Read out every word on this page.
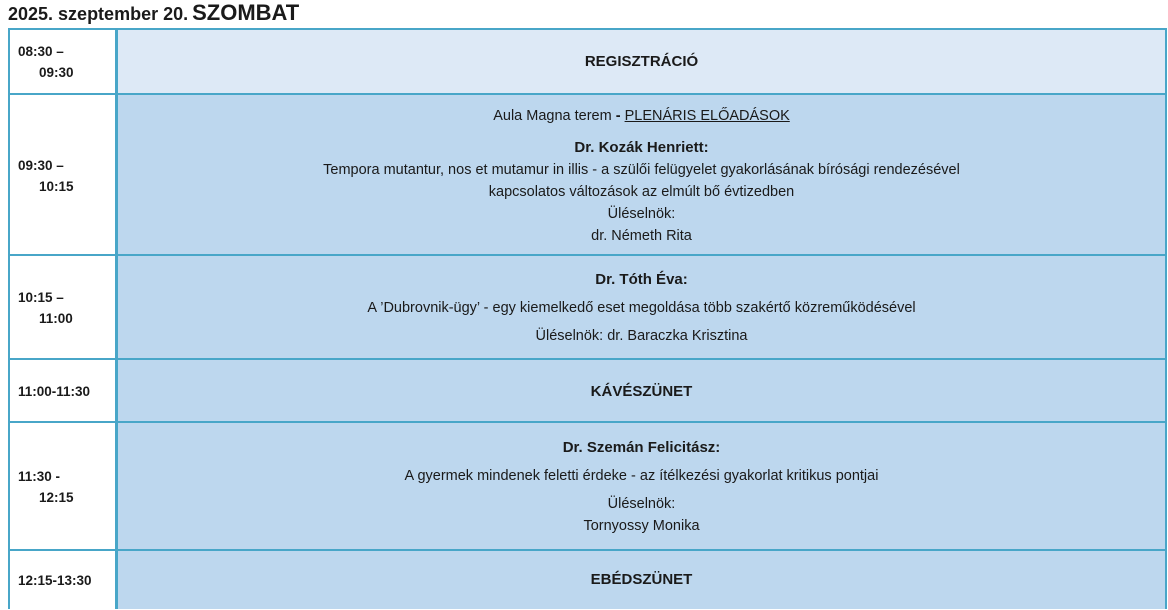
2025. szeptember 20. SZOMBAT
08:30 –
09:30
REGISZTRÁCIÓ
09:30 –
10:15
Aula Magna terem - PLENÁRIS ELŐADÁSOK
Dr. Kozák Henriett:
Tempora mutantur, nos et mutamur in illis - a szülői felügyelet gyakorlásának bírósági rendezésével
kapcsolatos változások az elmúlt bő évtizedben
Üléselnök:
dr. Németh Rita
10:15 –
11:00
Dr. Tóth Éva:
A ’Dubrovnik-ügy’ - egy kiemelkedő eset megoldása több szakértő közreműködésével
Üléselnök: dr. Baraczka Krisztina
11:00-11:30	KÁVÉSZÜNET
11:30 -
12:15
Dr. Szemán Felicitász:
A gyermek mindenek feletti érdeke - az ítélkezési gyakorlat kritikus pontjai
Üléselnök:
Tornyossy Monika
12:15-13:30	EBÉDSZÜNET
